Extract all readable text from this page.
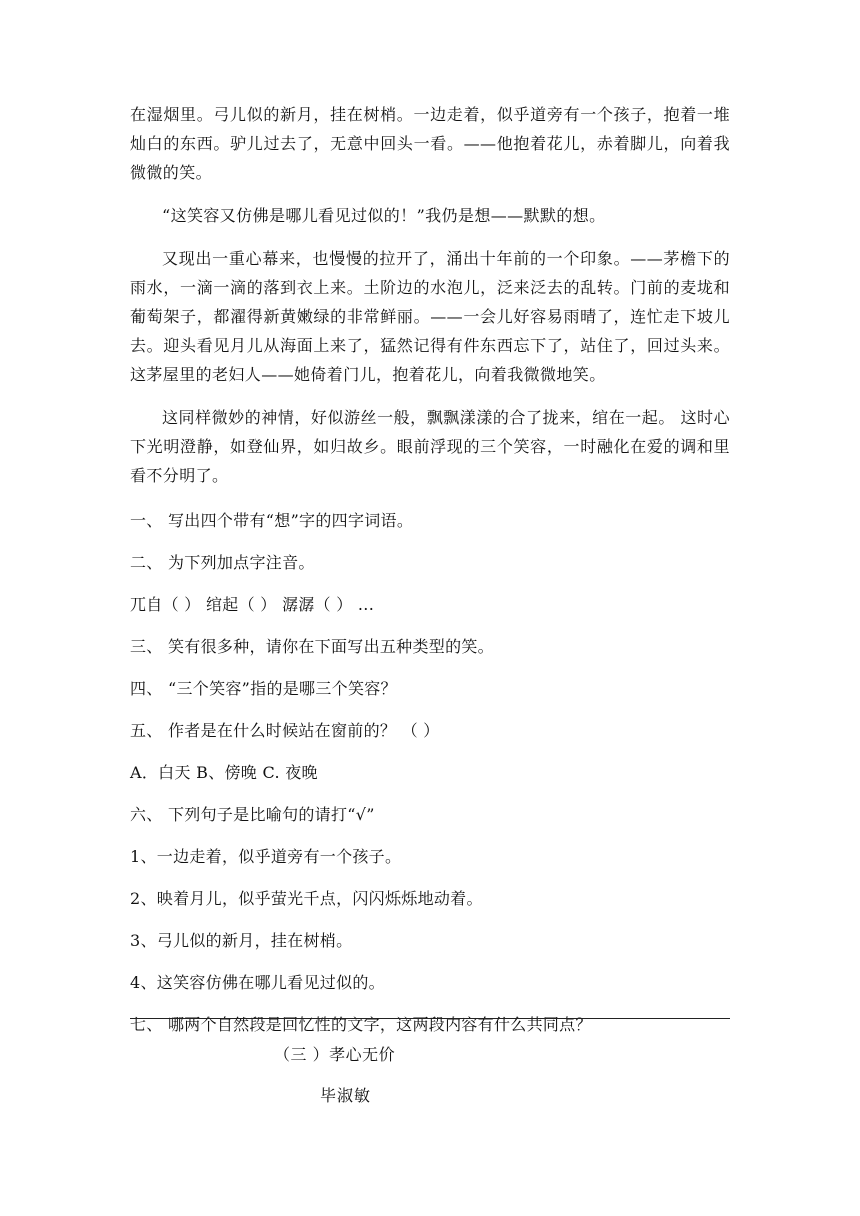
在湿烟里。弓儿似的新月，挂在树梢。一边走着，似乎道旁有一个孩子，抱着一堆灿白的东西。驴儿过去了，无意中回头一看。——他抱着花儿，赤着脚儿，向着我微微的笑。

“这笑容又仿佛是哪儿看见过似的！”我仍是想——默默的想。

又现出一重心幕来，也慢慢的拉开了，涌出十年前的一个印象。——茅檐下的雨水，一滴一滴的落到衣上来。土阶边的水泡儿，泛来泛去的乱转。门前的麦垅和葡萄架子，都濯得新黄嫩绿的非常鲜丽。——一会儿好容易雨晴了，连忙走下坡儿去。迎头看见月儿从海面上来了，猛然记得有件东西忘下了，站住了，回过头来。这茅屋里的老妇人——她倚着门儿，抱着花儿，向着我微微地笑。

这同样微妙的神情，好似游丝一般，飘飘漾漾的合了拢来，绾在一起。 这时心下光明澄静，如登仙界，如归故乡。眼前浮现的三个笑容，一时融化在爱的调和里看不分明了。

一、 写出四个带有“想”字的四字词语。

二、 为下列加点字注音。

兀自（ ） 绾起（ ） 潺潺（ ） ...

三、 笑有很多种，请你在下面写出五种类型的笑。

四、 “三个笑容”指的是哪三个笑容？

五、 作者是在什么时候站在窗前的？ （ ）

A．白天 B、傍晚 C. 夜晚

六、 下列句子是比喻句的请打“√”

1、一边走着，似乎道旁有一个孩子。

2、映着月儿，似乎萤光千点，闪闪烁烁地动着。

3、弓儿似的新月，挂在树梢。

4、这笑容仿佛在哪儿看见过似的。

七、 哪两个自然段是回忆性的文字，这两段内容有什么共同点？

（三 ）孝心无价
毕淑敏
